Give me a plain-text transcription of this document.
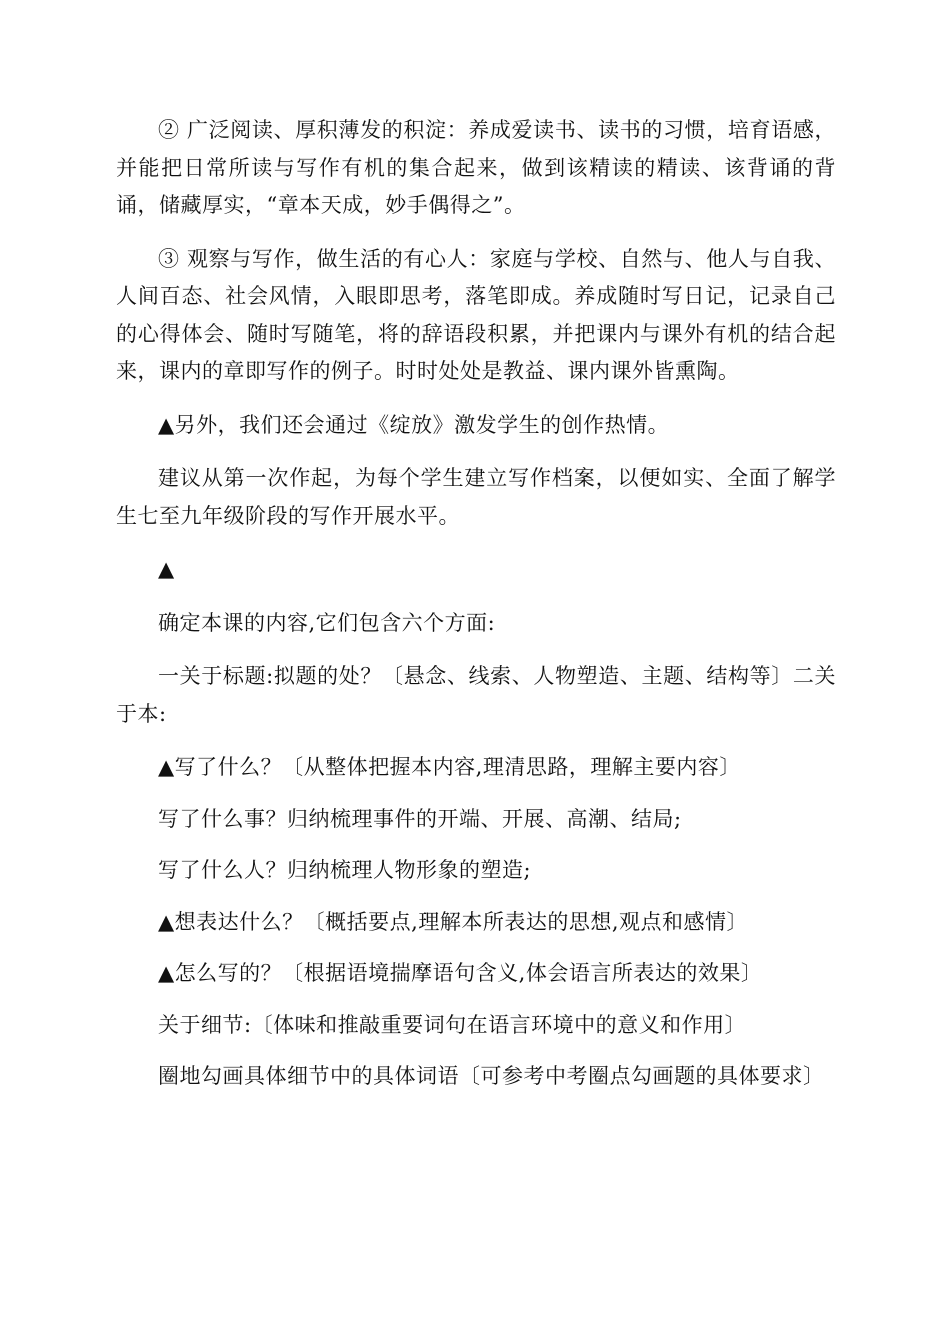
② 广泛阅读、厚积薄发的积淀：养成爱读书、读书的习惯，培育语感，并能把日常所读与写作有机的集合起来，做到该精读的精读、该背诵的背诵，储藏厚实，“章本天成，妙手偶得之”。

③ 观察与写作，做生活的有心人：家庭与学校、自然与、他人与自我、人间百态、社会风情，入眼即思考，落笔即成。养成随时写日记，记录自己的心得体会、随时写随笔，将的辞语段积累，并把课内与课外有机的结合起来，课内的章即写作的例子。时时处处是教益、课内课外皆熏陶。

▲另外，我们还会通过《绽放》激发学生的创作热情。

建议从第一次作起，为每个学生建立写作档案，以便如实、全面了解学生七至九年级阶段的写作开展水平。

▲

确定本课的内容,它们包含六个方面:

一关于标题:拟题的处？〔悬念、线索、人物塑造、主题、结构等〕二关于本:

▲写了什么？〔从整体把握本内容,理清思路，理解主要内容〕

写了什么事？归纳梳理事件的开端、开展、高潮、结局;

写了什么人？归纳梳理人物形象的塑造;

▲想表达什么？〔概括要点,理解本所表达的思想,观点和感情〕

▲怎么写的？〔根据语境揣摩语句含义,体会语言所表达的效果〕

关于细节:〔体味和推敲重要词句在语言环境中的意义和作用〕

圈地勾画具体细节中的具体词语〔可参考中考圈点勾画题的具体要求〕
